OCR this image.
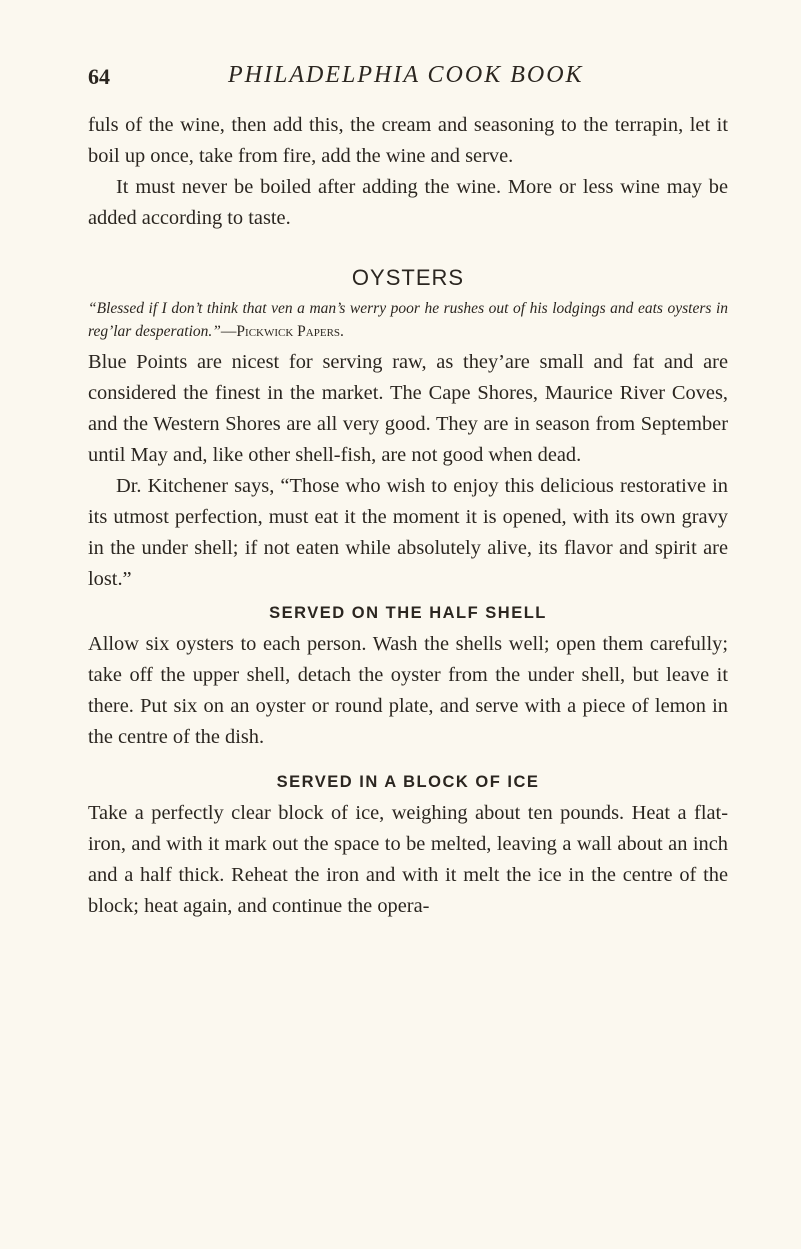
64	PHILADELPHIA COOK BOOK

fuls of the wine, then add this, the cream and seasoning to the terrapin, let it boil up once, take from fire, add the wine and serve.

It must never be boiled after adding the wine. More or less wine may be added according to taste.

OYSTERS

“Blessed if I don’t think that ven a man’s werry poor he rushes out of his lodgings and eats oysters in reg’lar desperation.”—Pickwick Papers.

Blue Points are nicest for serving raw, as they’are small and fat and are considered the finest in the market. The Cape Shores, Maurice River Coves, and the Western Shores are all very good. They are in season from September until May and, like other shell-fish, are not good when dead.

Dr. Kitchener says, “Those who wish to enjoy this delicious restorative in its utmost perfection, must eat it the moment it is opened, with its own gravy in the under shell; if not eaten while absolutely alive, its flavor and spirit are lost.”

SERVED ON THE HALF SHELL

Allow six oysters to each person. Wash the shells well; open them carefully; take off the upper shell, detach the oyster from the under shell, but leave it there. Put six on an oyster or round plate, and serve with a piece of lemon in the centre of the dish.

SERVED IN A BLOCK OF ICE

Take a perfectly clear block of ice, weighing about ten pounds. Heat a flat-iron, and with it mark out the space to be melted, leaving a wall about an inch and a half thick. Reheat the iron and with it melt the ice in the centre of the block; heat again, and continue the opera-
